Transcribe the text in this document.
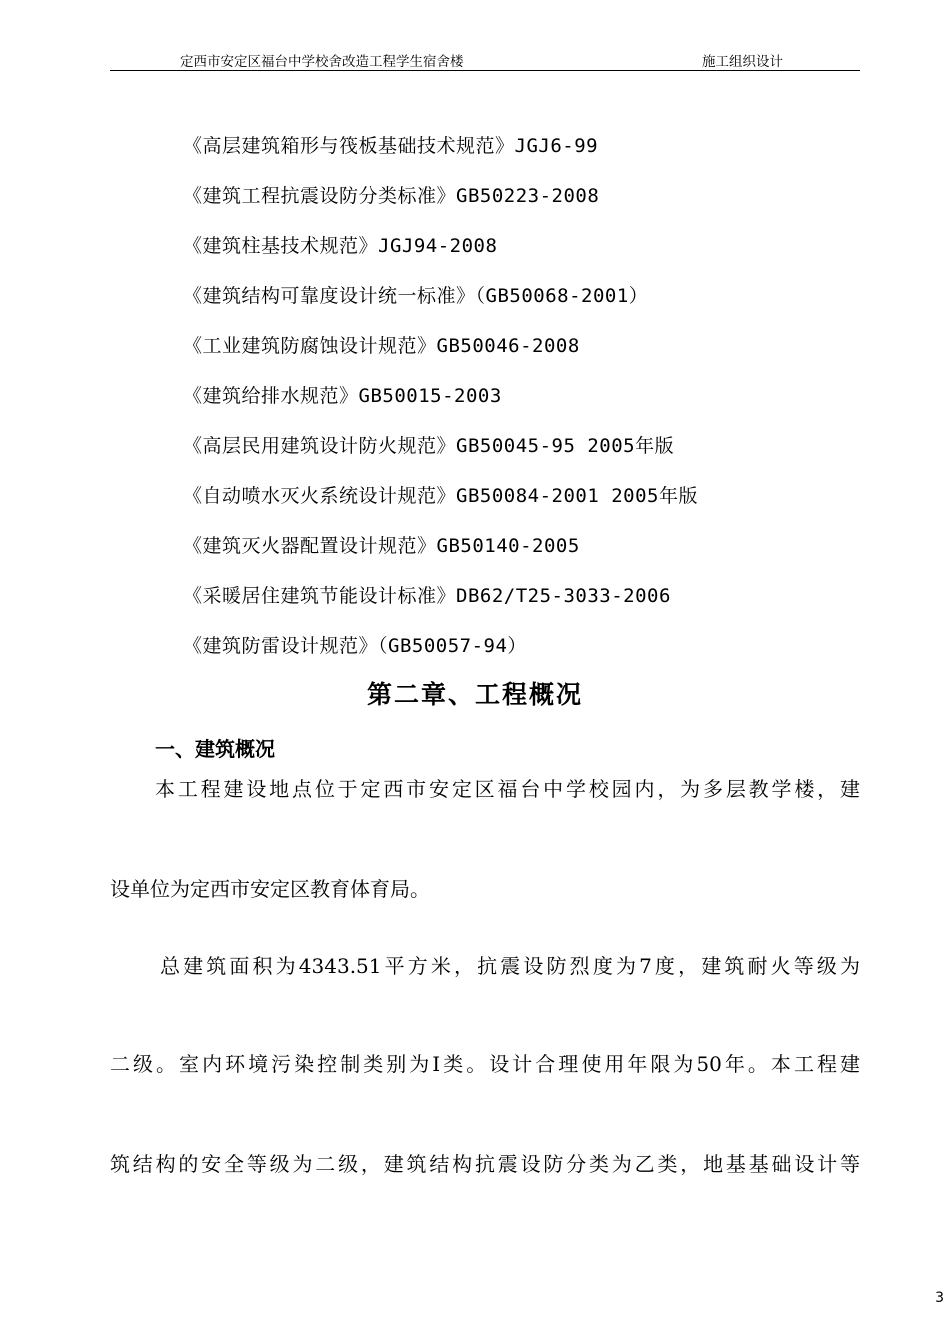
定西市安定区福台中学校舍改造工程学生宿舍楼	施工组织设计
《高层建筑箱形与筏板基础技术规范》JGJ6-99
《建筑工程抗震设防分类标准》GB50223-2008
《建筑柱基技术规范》JGJ94-2008
《建筑结构可靠度设计统一标准》（GB50068-2001）
《工业建筑防腐蚀设计规范》GB50046-2008
《建筑给排水规范》GB50015-2003
《高层民用建筑设计防火规范》GB50045-95 2005年版
《自动喷水灭火系统设计规范》GB50084-2001 2005年版
《建筑灭火器配置设计规范》GB50140-2005
《采暖居住建筑节能设计标准》DB62/T25-3033-2006
《建筑防雷设计规范》（GB50057-94）
第二章、工程概况
一、建筑概况

本工程建设地点位于定西市安定区福台中学校园内，为多层教学楼，建

设单位为定西市安定区教育体育局。

总建筑面积为4343.51平方米，抗震设防烈度为7度，建筑耐火等级为

二级。室内环境污染控制类别为Ⅰ类。设计合理使用年限为50年。本工程建

筑结构的安全等级为二级，建筑结构抗震设防分类为乙类，地基基础设计等

3
